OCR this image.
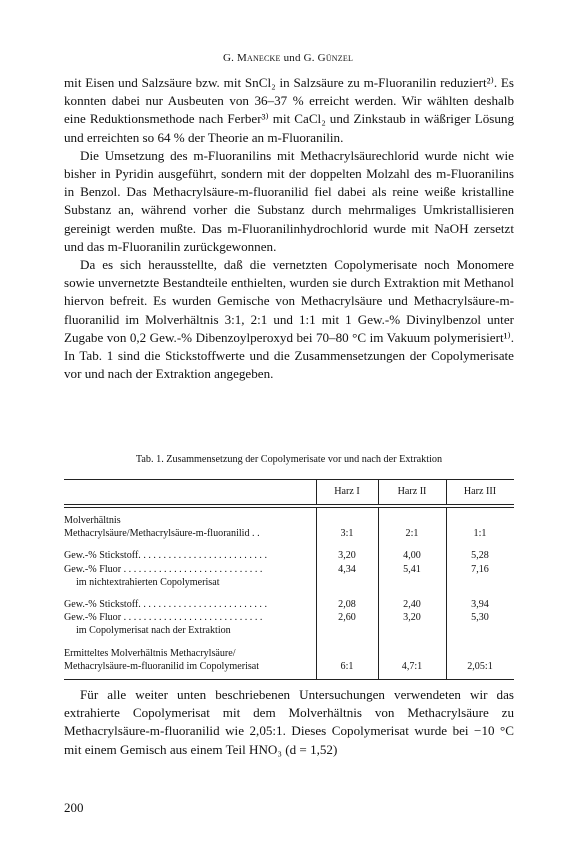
G. Manecke und G. Günzel

mit Eisen und Salzsäure bzw. mit SnCl₂ in Salzsäure zu m-Fluoranilin reduziert²⁾. Es konnten dabei nur Ausbeuten von 36–37 % erreicht werden. Wir wählten deshalb eine Reduktionsmethode nach Ferber³⁾ mit CaCl₂ und Zinkstaub in wäßriger Lösung und erreichten so 64 % der Theorie an m-Fluoranilin.

Die Umsetzung des m-Fluoranilins mit Methacrylsäurechlorid wurde nicht wie bisher in Pyridin ausgeführt, sondern mit der doppelten Molzahl des m-Fluoranilins in Benzol. Das Methacrylsäure-m-fluoranilid fiel dabei als reine weiße kristalline Substanz an, während vorher die Substanz durch mehrmaliges Umkristallisieren gereinigt werden mußte. Das m-Fluoranilinhydrochlorid wurde mit NaOH zersetzt und das m-Fluoranilin zurückgewonnen.

Da es sich herausstellte, daß die vernetzten Copolymerisate noch Monomere sowie unvernetzte Bestandteile enthielten, wurden sie durch Extraktion mit Methanol hiervon befreit. Es wurden Gemische von Methacrylsäure und Methacrylsäure-m-fluoranilid im Molverhältnis 3:1, 2:1 und 1:1 mit 1 Gew.-% Divinylbenzol unter Zugabe von 0,2 Gew.-% Dibenzoylperoxyd bei 70–80 °C im Vakuum polymerisiert¹⁾. In Tab. 1 sind die Stickstoffwerte und die Zusammensetzungen der Copolymerisate vor und nach der Extraktion angegeben.

Tab. 1. Zusammensetzung der Copolymerisate vor und nach der Extraktion
Harz I	Harz II	Harz III
Molverhältnis
Methacrylsäure/Methacrylsäure-m-fluoranilid . .	3:1	2:1	1:1
Gew.-% Stickstoff. . . . . . . . . . . . . . . . . . . . . . . . . .	3,20	4,00	5,28
Gew.-% Fluor . . . . . . . . . . . . . . . . . . . . . . . . . . . .	4,34	5,41	7,16
im nichtextrahierten Copolymerisat
Gew.-% Stickstoff. . . . . . . . . . . . . . . . . . . . . . . . . .	2,08	2,40	3,94
Gew.-% Fluor . . . . . . . . . . . . . . . . . . . . . . . . . . . .	2,60	3,20	5,30
im Copolymerisat nach der Extraktion
Ermitteltes Molverhältnis Methacrylsäure/
Methacrylsäure-m-fluoranilid im Copolymerisat	6:1	4,7:1	2,05:1

Für alle weiter unten beschriebenen Untersuchungen verwendeten wir das extrahierte Copolymerisat mit dem Molverhältnis von Methacrylsäure zu Methacrylsäure-m-fluoranilid wie 2,05:1. Dieses Copolymerisat wurde bei −10 °C mit einem Gemisch aus einem Teil HNO₃ (d = 1,52)

200
